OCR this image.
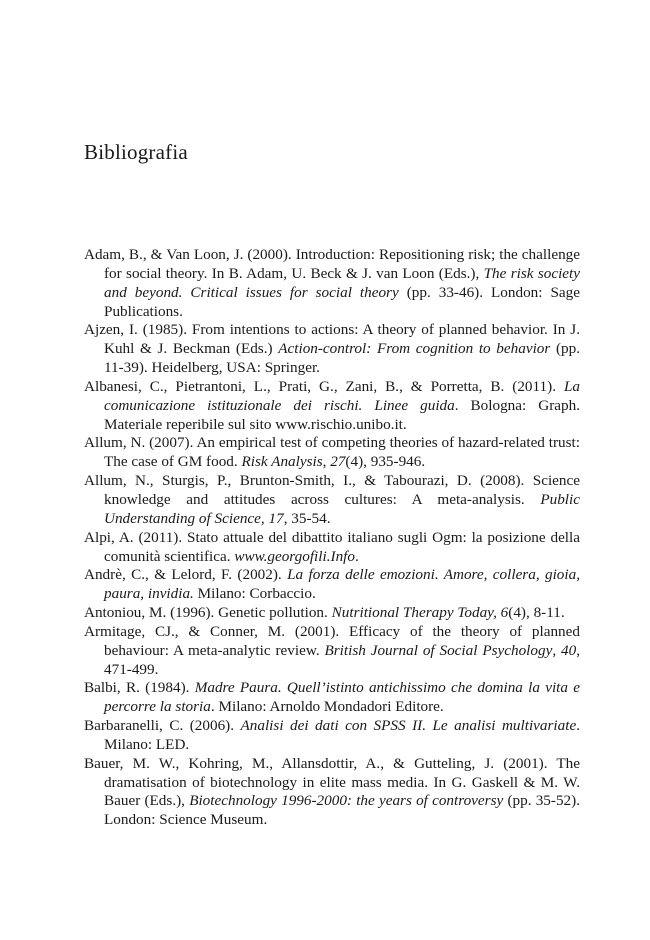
Bibliografia
Adam, B., & Van Loon, J. (2000). Introduction: Repositioning risk; the challenge for social theory. In B. Adam, U. Beck & J. van Loon (Eds.), The risk society and beyond. Critical issues for social theory (pp. 33-46). London: Sage Publications.
Ajzen, I. (1985). From intentions to actions: A theory of planned behavior. In J. Kuhl & J. Beckman (Eds.) Action-control: From cognition to behavior (pp. 11-39). Heidelberg, USA: Springer.
Albanesi, C., Pietrantoni, L., Prati, G., Zani, B., & Porretta, B. (2011). La comunicazione istituzionale dei rischi. Linee guida. Bologna: Graph. Materiale reperibile sul sito www.rischio.unibo.it.
Allum, N. (2007). An empirical test of competing theories of hazard-related trust: The case of GM food. Risk Analysis, 27(4), 935-946.
Allum, N., Sturgis, P., Brunton-Smith, I., & Tabourazi, D. (2008). Science knowledge and attitudes across cultures: A meta-analysis. Public Understanding of Science, 17, 35-54.
Alpi, A. (2011). Stato attuale del dibattito italiano sugli Ogm: la posizione della comunità scientifica. www.georgofili.Info.
Andrè, C., & Lelord, F. (2002). La forza delle emozioni. Amore, collera, gioia, paura, invidia. Milano: Corbaccio.
Antoniou, M. (1996). Genetic pollution. Nutritional Therapy Today, 6(4), 8-11.
Armitage, CJ., & Conner, M. (2001). Efficacy of the theory of planned behaviour: A meta-analytic review. British Journal of Social Psychology, 40, 471-499.
Balbi, R. (1984). Madre Paura. Quell’istinto antichissimo che domina la vita e percorre la storia. Milano: Arnoldo Mondadori Editore.
Barbaranelli, C. (2006). Analisi dei dati con SPSS II. Le analisi multivariate. Milano: LED.
Bauer, M. W., Kohring, M., Allansdottir, A., & Gutteling, J. (2001). The dramatisation of biotechnology in elite mass media. In G. Gaskell & M. W. Bauer (Eds.), Biotechnology 1996-2000: the years of controversy (pp. 35-52). London: Science Museum.
